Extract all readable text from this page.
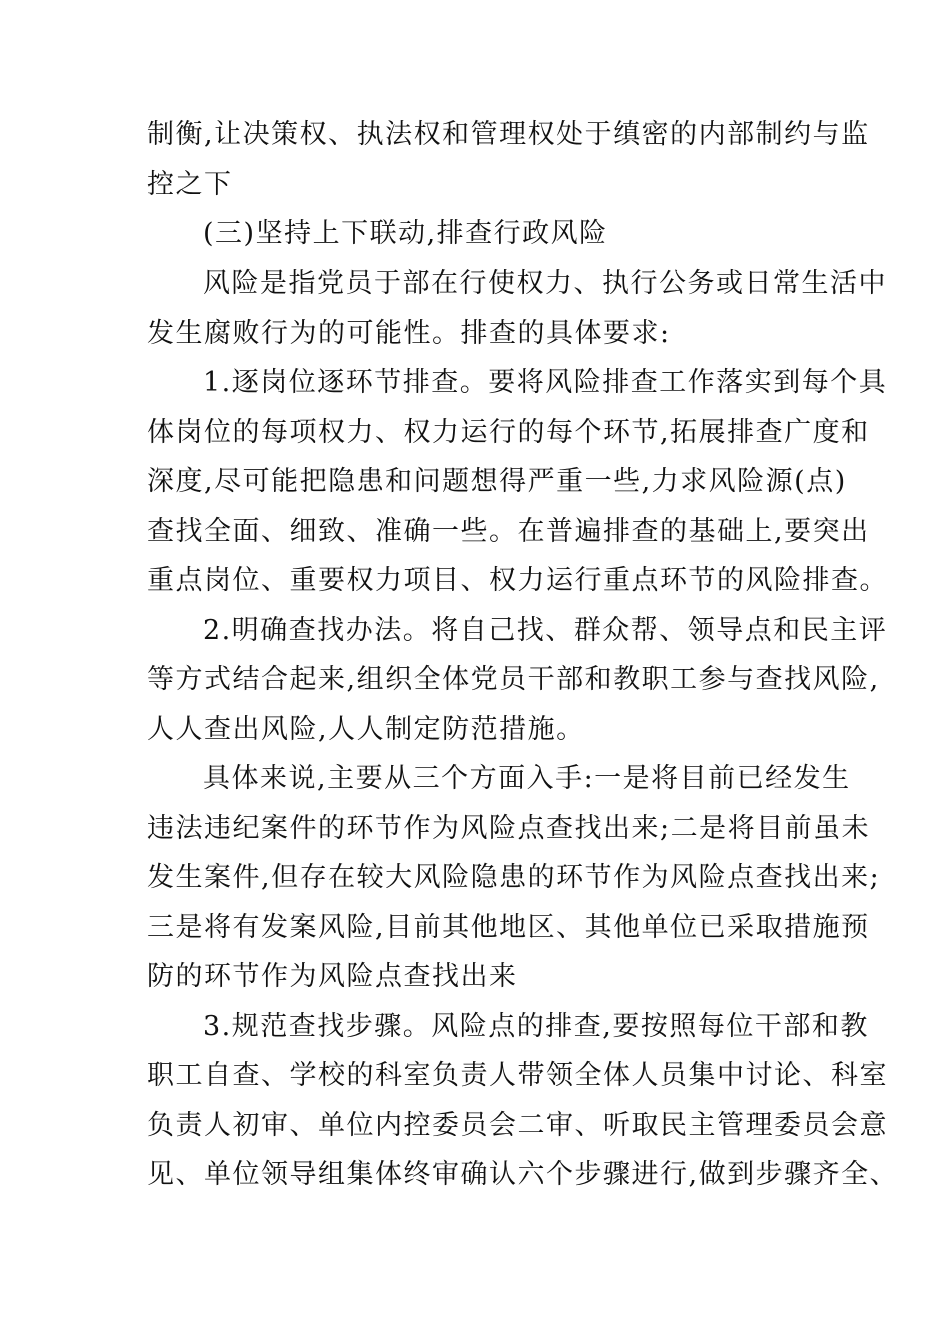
制衡,让决策权、执法权和管理权处于缜密的内部制约与监
控之下
(三)坚持上下联动,排查行政风险
风险是指党员于部在行使权力、执行公务或日常生活中
发生腐败行为的可能性。排查的具体要求:
1.逐岗位逐环节排查。要将风险排查工作落实到每个具
体岗位的每项权力、权力运行的每个环节,拓展排查广度和
深度,尽可能把隐患和问题想得严重一些,力求风险源(点)
查找全面、细致、准确一些。在普遍排查的基础上,要突出
重点岗位、重要权力项目、权力运行重点环节的风险排查。
2.明确查找办法。将自己找、群众帮、领导点和民主评
等方式结合起来,组织全体党员干部和教职工参与查找风险,
人人查出风险,人人制定防范措施。
具体来说,主要从三个方面入手:一是将目前已经发生
违法违纪案件的环节作为风险点查找出来;二是将目前虽未
发生案件,但存在较大风险隐患的环节作为风险点查找出来;
三是将有发案风险,目前其他地区、其他单位已采取措施预
防的环节作为风险点查找出来
3.规范查找步骤。风险点的排查,要按照每位干部和教
职工自查、学校的科室负责人带领全体人员集中讨论、科室
负责人初审、单位内控委员会二审、听取民主管理委员会意
见、单位领导组集体终审确认六个步骤进行,做到步骤齐全、
